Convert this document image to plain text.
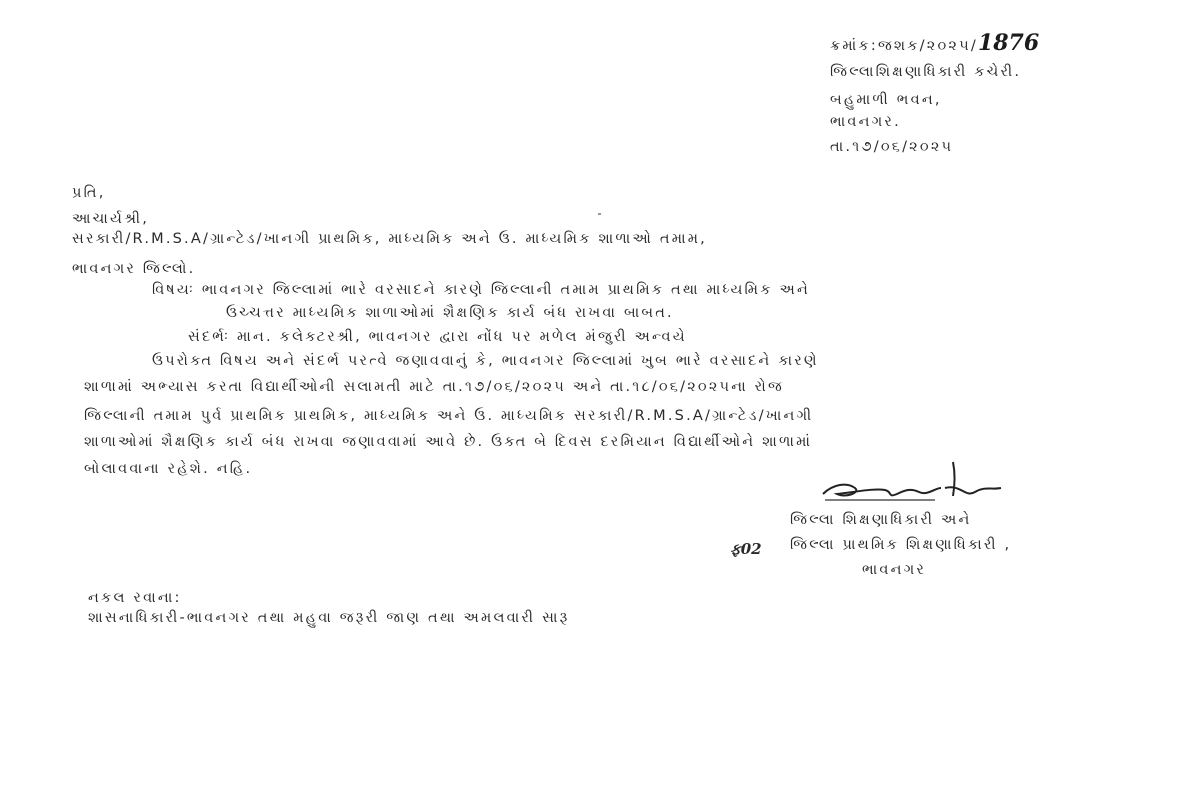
ક્રમાંક:જશક/૨૦૨૫/1876
જિલ્લાશિક્ષણાધિકારી કચેરી.
બહુમાળી ભવન,
ભાવનગર.
તા.૧૭/૦૬/૨૦૨૫
પ્રતિ,
આચાર્યશ્રી,
સરકારી/R.M.S.A/ગ્રાન્ટેડ/ખાનગી પ્રાથમિક, માધ્યમિક અને ઉ. માધ્યમિક શાળાઓ તમામ,
ભાવનગર જિલ્લો.
વિષયઃ ભાવનગર જિલ્લામાં ભારે વરસાદને કારણે જિલ્લાની તમામ પ્રાથમિક તથા માધ્યમિક અને
ઉચ્ચત્તર માધ્યમિક શાળાઓમાં શૈક્ષણિક કાર્ય બંધ રાખવા બાબત.
સંદર્ભઃ માન. કલેક્ટરશ્રી, ભાવનગર દ્વારા નોંધ પર મળેલ મંજુરી અન્વયે
ઉપરોક્ત વિષય અને સંદર્ભ પરત્વે જણાવવાનું કે, ભાવનગર જિલ્લામાં ખુબ ભારે વરસાદને કારણે
શાળામાં અભ્યાસ કરતા વિદ્યાર્થીઓની સલામતી માટે તા.૧૭/૦૬/૨૦૨૫ અને તા.૧૮/૦૬/૨૦૨૫ના રોજ
જિલ્લાની તમામ પુર્વ પ્રાથમિક પ્રાથમિક, માધ્યમિક અને ઉ. માધ્યમિક સરકારી/R.M.S.A/ગ્રાન્ટેડ/ખાનગી
શાળાઓમાં શૈક્ષણિક કાર્ય બંધ રાખવા જણાવવામાં આવે છે. ઉક્ત બે દિવસ દરમિયાન વિદ્યાર્થીઓને શાળામાં
બોલાવવાના રહેશે. નહિ.
જિલ્લા શિક્ષણાધિકારી અને
ફ02 જિલ્લા પ્રાથમિક શિક્ષણાધિકારી ,
ભાવનગર
નકલ રવાના:
શાસનાધિકારી-ભાવનગર તથા મહુવા જરૂરી જાણ તથા અમલવારી સારૂ
